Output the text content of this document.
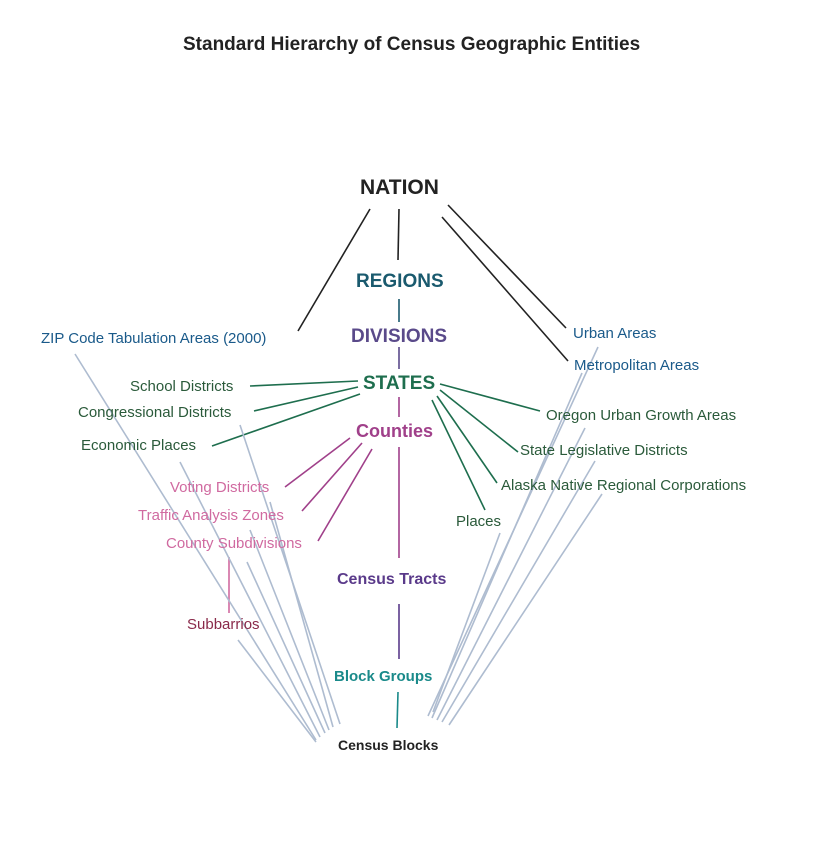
Standard Hierarchy of Census Geographic Entities
NATION
REGIONS
DIVISIONS
STATES
Counties
Census Tracts
Block Groups
Census Blocks
ZIP Code Tabulation Areas (2000)	Urban Areas
Metropolitan Areas
School Districts
Congressional Districts
Economic Places
Oregon Urban Growth Areas
State Legislative Districts
Alaska Native Regional Corporations
Places
Voting Districts
Traffic Analysis Zones
County Subdivisions
Subbarrios
